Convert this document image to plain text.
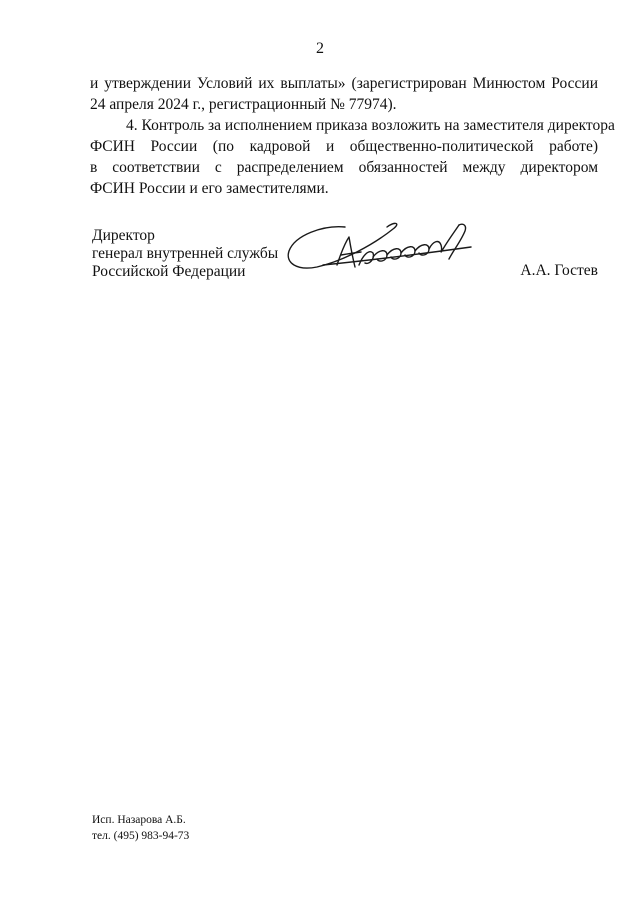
2
и утверждении Условий их выплаты» (зарегистрирован Минюстом России
24 апреля 2024 г., регистрационный № 77974).
4. Контроль за исполнением приказа возложить на заместителя директора
ФСИН России (по кадровой и общественно-политической работе)
в соответствии с распределением обязанностей между директором
ФСИН России и его заместителями.
Директор
генерал внутренней службы
Российской Федерации	А.А. Гостев
Исп. Назарова А.Б.
тел. (495) 983-94-73
